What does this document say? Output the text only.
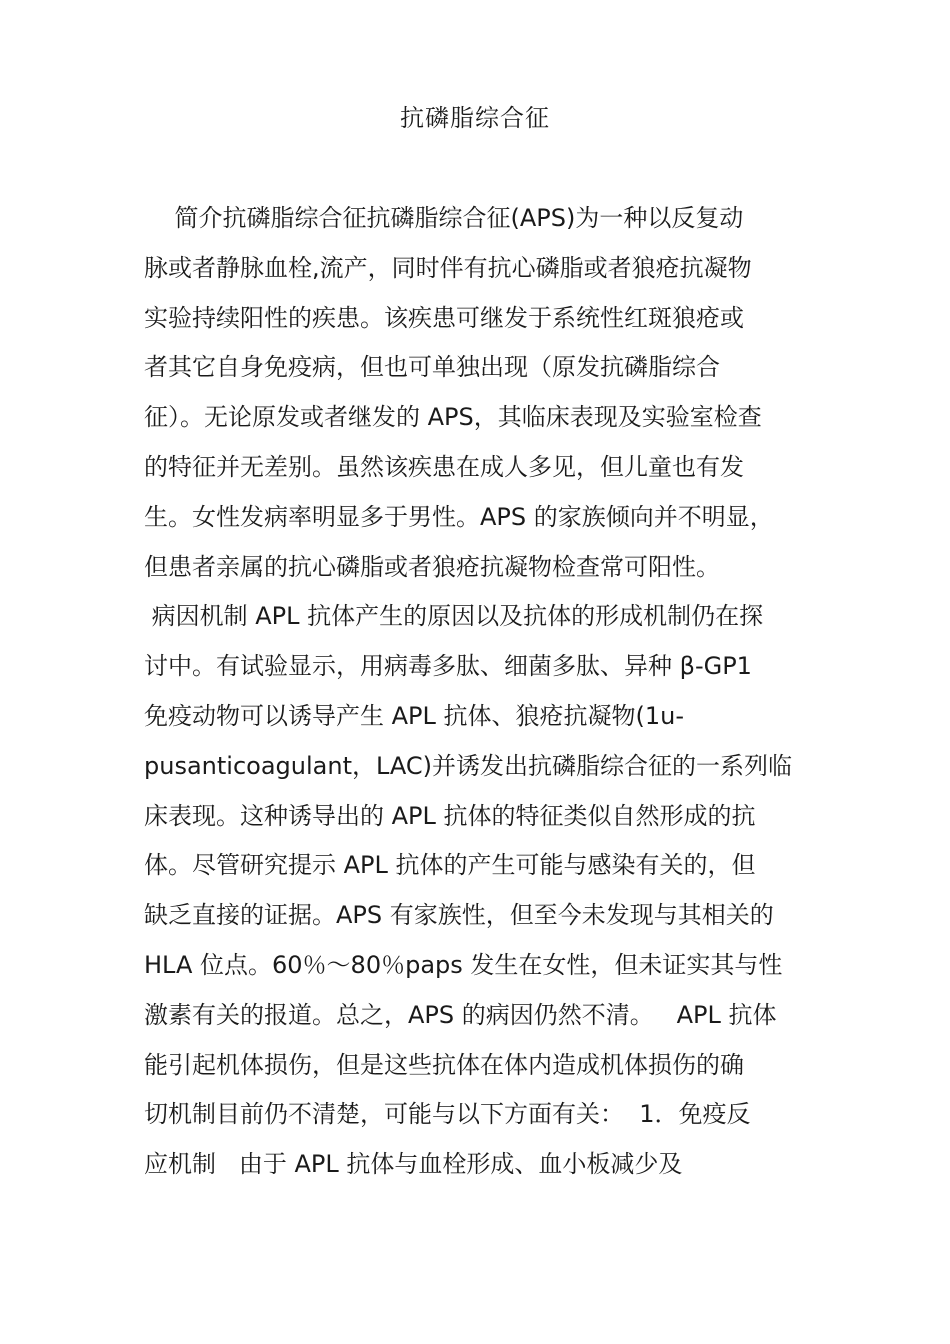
抗磷脂综合征
简介抗磷脂综合征抗磷脂综合征(APS)为一种以反复动
脉或者静脉血栓,流产，同时伴有抗心磷脂或者狼疮抗凝物
实验持续阳性的疾患。该疾患可继发于系统性红斑狼疮或
者其它自身免疫病，但也可单独出现（原发抗磷脂综合
征）。无论原发或者继发的 APS，其临床表现及实验室检查
的特征并无差别。虽然该疾患在成人多见，但儿童也有发
生。女性发病率明显多于男性。APS 的家族倾向并不明显，
但患者亲属的抗心磷脂或者狼疮抗凝物检查常可阳性。
病因机制 APL 抗体产生的原因以及抗体的形成机制仍在探
讨中。有试验显示，用病毒多肽、细菌多肽、异种 β-GP1
免疫动物可以诱导产生 APL 抗体、狼疮抗凝物(1u-
pusanticoagulant，LAC)并诱发出抗磷脂综合征的一系列临
床表现。这种诱导出的 APL 抗体的特征类似自然形成的抗
体。尽管研究提示 APL 抗体的产生可能与感染有关的，但
缺乏直接的证据。APS 有家族性，但至今未发现与其相关的
HLA 位点。60％～80％paps 发生在女性，但未证实其与性
激素有关的报道。总之，APS 的病因仍然不清。   APL 抗体
能引起机体损伤，但是这些抗体在体内造成机体损伤的确
切机制目前仍不清楚，可能与以下方面有关：  1．免疫反
应机制   由于 APL 抗体与血栓形成、血小板减少及
